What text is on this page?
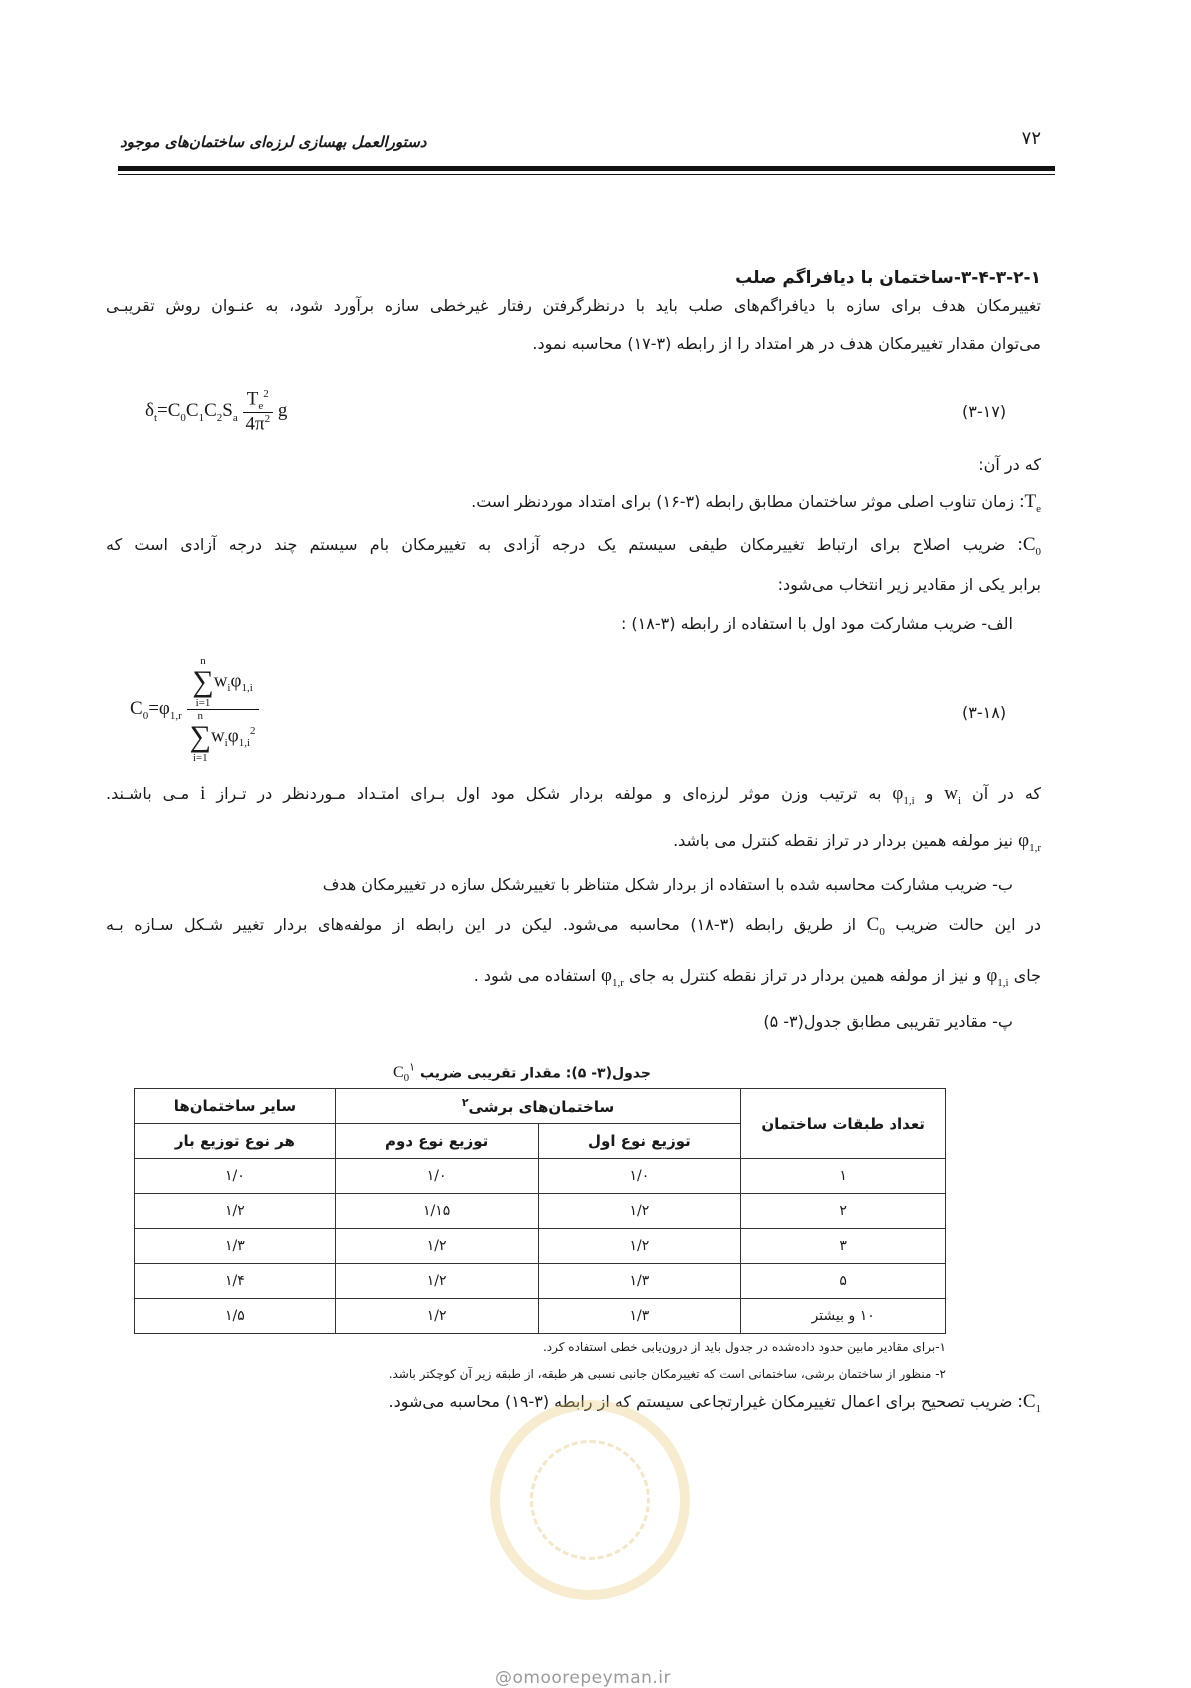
۷۲
دستورالعمل بهسازی لرزه‌ای ساختمان‌های موجود
۳-۴-۳-۲-۱-ساختمان با دیافراگم صلب
تغییرمکان هدف برای سازه با دیافراگم‌های صلب باید با درنظرگرفتن رفتار غیرخطی سازه برآورد شود، به عنـوان روش تقریبـی
می‌توان مقدار تغییرمکان هدف در هر امتداد را از رابطه (۳-۱۷) محاسبه نمود.
$\delta_t=C_0C_1C_2S_a \frac{T_e^2}{4\pi^2}$ g	(۳-۱۷)
که در آن:
$T_e$: زمان تناوب اصلی موثر ساختمان مطابق رابطه (۳-۱۶) برای امتداد موردنظر است.
$C_0$: ضریب اصلاح برای ارتباط تغییرمکان طیفی سیستم یک درجه آزادی به تغییرمکان بام سیستم چند درجه آزادی است که
برابر یکی از مقادیر زیر انتخاب می‌شود:
الف- ضریب مشارکت مود اول با استفاده از رابطه (۳-۱۸) :
$C_0=\varphi_{1,r}$ n
∑
i=1
$w_i\varphi_{1,i}$
n
∑
i=1
$w_i\varphi_{1,i}^2$	(۳-۱۸)
که در آن $w_i$ و $\varphi_{1,i}$ به ترتیب وزن موثر لرزه‌ای و مولفه بردار شکل مود اول بـرای امتـداد مـوردنظر در تـراز i مـی باشـند.
$\varphi_{1,r}$ نیز مولفه همین بردار در تراز نقطه کنترل می باشد.
ب- ضریب مشارکت محاسبه شده با استفاده از بردار شکل متناظر با تغییرشکل سازه در تغییرمکان هدف
در این حالت ضریب $C_0$ از طریق رابطه (۳-۱۸) محاسبه می‌شود. لیکن در این رابطه از مولفه‌های بردار تغییر شـکل سـازه بـه
جای $\varphi_{1,i}$ و نیز از مولفه همین بردار در تراز نقطه کنترل به جای $\varphi_{1,r}$ استفاده می شود .
پ- مقادیر تقریبی مطابق جدول(۳- ۵)
جدول(۳- ۵): مقدار تقریبی ضریب $C_0^۱$
تعداد طبقات ساختمان	ساختمان‌های برشی$^۲$		سایر ساختمان‌ها
	توزیع نوع اول	توزیع نوع دوم	هر نوع توزیع بار
۱	۱/۰	۱/۰	۱/۰
۲	۱/۲	۱/۱۵	۱/۲
۳	۱/۲	۱/۲	۱/۳
۵	۱/۳	۱/۲	۱/۴
۱۰ و بیشتر	۱/۳	۱/۲	۱/۵
۱-برای مقادیر مابین حدود داده‌شده در جدول باید از درون‌یابی خطی استفاده کرد.
۲- منظور از ساختمان برشی، ساختمانی است که تغییرمکان جانبی نسبی هر طبقه، از طبقه زیر آن کوچکتر باشد.
$C_1$: ضریب تصحیح برای اعمال تغییرمکان غیرارتجاعی سیستم که از رابطه (۳-۱۹) محاسبه می‌شود.
@omoorepeyman.ir
